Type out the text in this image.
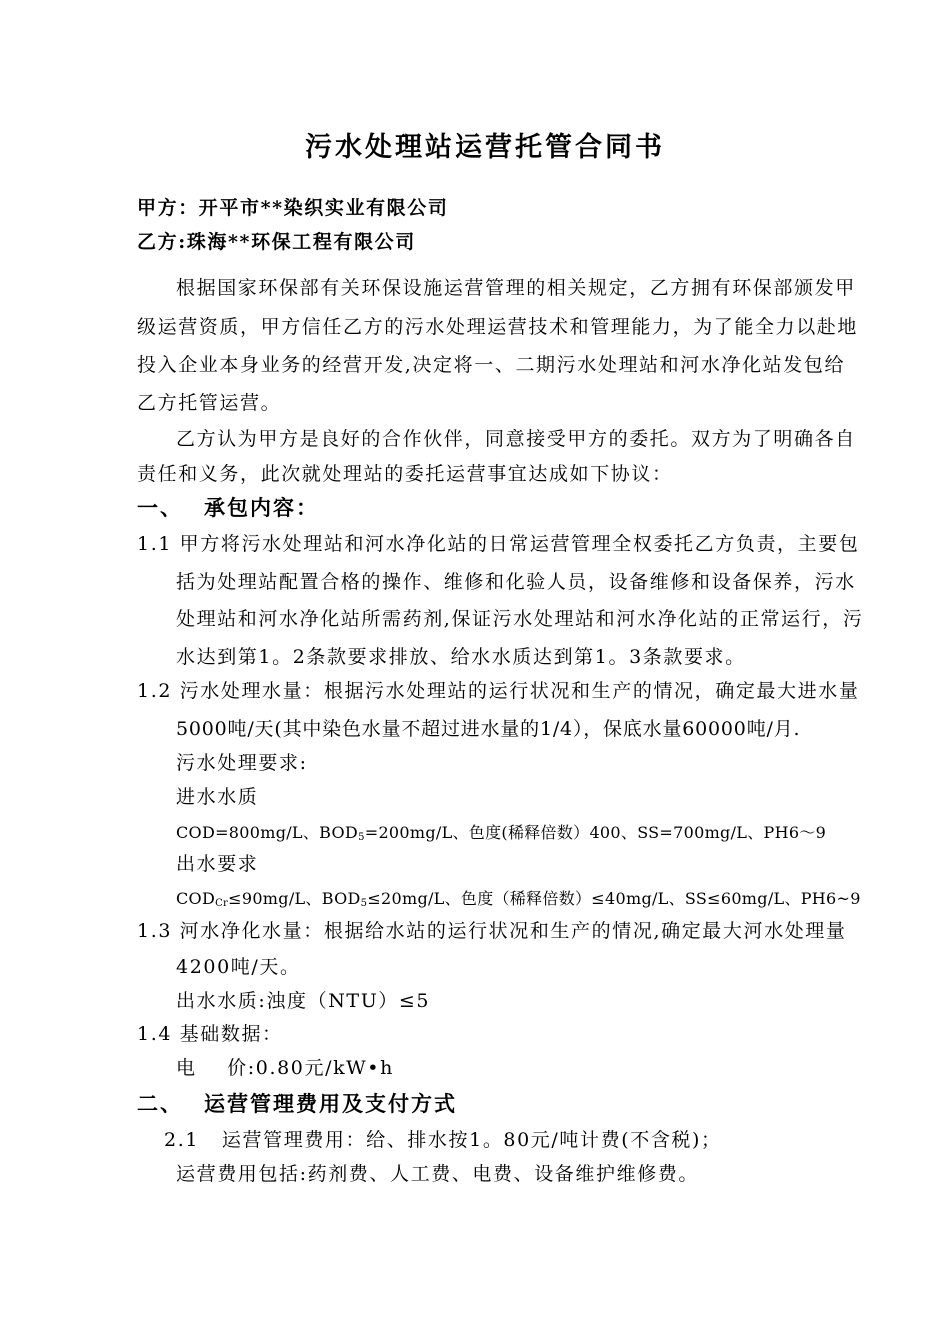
污水处理站运营托管合同书
甲方：开平市**染织实业有限公司
乙方:珠海**环保工程有限公司
根据国家环保部有关环保设施运营管理的相关规定，乙方拥有环保部颁发甲
级运营资质，甲方信任乙方的污水处理运营技术和管理能力，为了能全力以赴地
投入企业本身业务的经营开发,决定将一、二期污水处理站和河水净化站发包给
乙方托管运营。
乙方认为甲方是良好的合作伙伴，同意接受甲方的委托。双方为了明确各自
责任和义务，此次就处理站的委托运营事宜达成如下协议：
一、 承包内容：
1.1 甲方将污水处理站和河水净化站的日常运营管理全权委托乙方负责，主要包
括为处理站配置合格的操作、维修和化验人员，设备维修和设备保养，污水
处理站和河水净化站所需药剂,保证污水处理站和河水净化站的正常运行，污
水达到第1。2条款要求排放、给水水质达到第1。3条款要求。
1.2 污水处理水量：根据污水处理站的运行状况和生产的情况，确定最大进水量
5000吨/天(其中染色水量不超过进水量的1/4），保底水量60000吨/月.
污水处理要求:
进水水质
COD=800mg/L、$BOD_5=200mg/L$、色度(稀释倍数）400、SS=700mg/L、PH6～9
出水要求
$COD_{Cr}\le 90mg/L$、$BOD_5\le 20mg/L$、色度（稀释倍数）≤40mg/L、SS≤60mg/L、PH6~9
1.3 河水净化水量：根据给水站的运行状况和生产的情况,确定最大河水处理量
4200吨/天。
出水水质:浊度（NTU）≤5
1.4 基础数据：
电    价:0.80元/kW•h
二、 运营管理费用及支付方式
2.1   运营管理费用：给、排水按1。80元/吨计费(不含税)；
运营费用包括:药剂费、人工费、电费、设备维护维修费。
